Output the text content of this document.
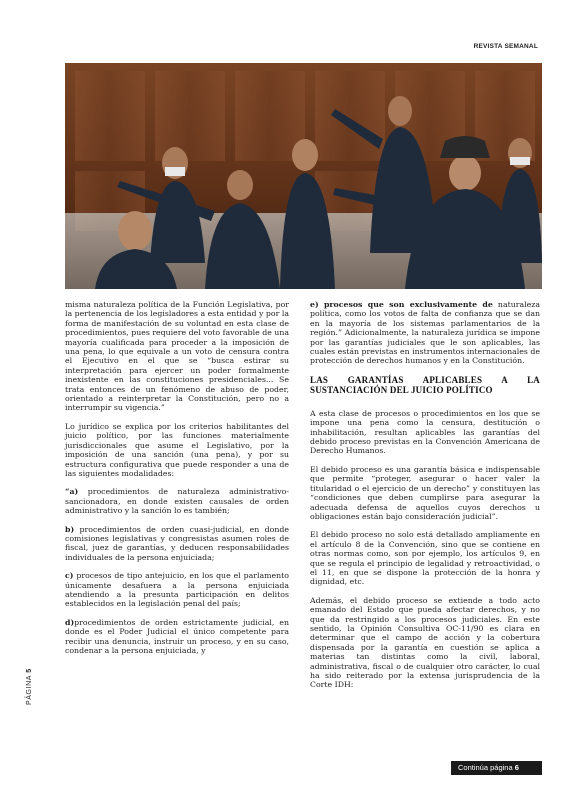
REVISTA SEMANAL

misma naturaleza política de la Función Legislativa, por la pertenencia de los legisladores a esta entidad y por la forma de manifestación de su voluntad en esta clase de procedimientos, pues requiere del voto favorable de una mayoría cualificada para proceder a la imposición de una pena, lo que equivale a un voto de censura contra el Ejecutivo en el que se “busca estirar su interpretación para ejercer un poder formalmente inexistente en las constituciones presidenciales... Se trata entonces de un fenómeno de abuso de poder, orientado a reinterpretar la Constitución, pero no a interrumpir su vigencia.”

Lo jurídico se explica por los criterios habilitantes del juicio político, por las funciones materialmente jurisdiccionales que asume el Legislativo, por la imposición de una sanción (una pena), y por su estructura configurativa que puede responder a una de las siguientes modalidades:

“a) procedimientos de naturaleza administrativo-sancionadora, en donde existen causales de orden administrativo y la sanción lo es también;

b) procedimientos de orden cuasi-judicial, en donde comisiones legislativas y congresistas asumen roles de fiscal, juez de garantías, y deducen responsabilidades individuales de la persona enjuiciada;

c) procesos de tipo antejuicio, en los que el parlamento únicamente desafuera a la persona enjuiciada atendiendo a la presunta participación en delitos establecidos en la legislación penal del país;

d)procedimientos de orden estrictamente judicial, en donde es el Poder Judicial el único competente para recibir una denuncia, instruir un proceso, y en su caso, condenar a la persona enjuiciada, y

e) procesos que son exclusivamente de naturaleza política, como los votos de falta de confianza que se dan en la mayoría de los sistemas parlamentarios de la región.” Adicionalmente, la naturaleza jurídica se impone por las garantías judiciales que le son aplicables, las cuales están previstas en instrumentos internacionales de protección de derechos humanos y en la Constitución.

LAS GARANTÍAS APLICABLES A LA SUSTANCIACIÓN DEL JUICIO POLÍTICO

A esta clase de procesos o procedimientos en los que se impone una pena como la censura, destitución o inhabilitación, resultan aplicables las garantías del debido proceso previstas en la Convención Americana de Derecho Humanos.

El debido proceso es una garantía básica e indispensable que permite “proteger, asegurar o hacer valer la titularidad o el ejercicio de un derecho” y constituyen las “condiciones que deben cumplirse para asegurar la adecuada defensa de aquellos cuyos derechos u obligaciones están bajo consideración judicial”.

El debido proceso no solo está detallado ampliamente en el artículo 8 de la Convención, sino que se contiene en otras normas como, son por ejemplo, los artículos 9, en que se regula el principio de legalidad y retroactividad, o el 11, en que se dispone la protección de la honra y dignidad, etc.

Además, el debido proceso se extiende a todo acto emanado del Estado que pueda afectar derechos, y no que da restringido a los procesos judiciales. En este sentido, la Opinión Consultiva OC-11/90 es clara en determinar que el campo de acción y la cobertura dispensada por la garantía en cuestión se aplica a materias tan distintas como la civil, laboral, administrativa, fiscal o de cualquier otro carácter, lo cual ha sido reiterado por la extensa jurisprudencia de la Corte IDH:

PÁGINA 5
Continúa página 6
